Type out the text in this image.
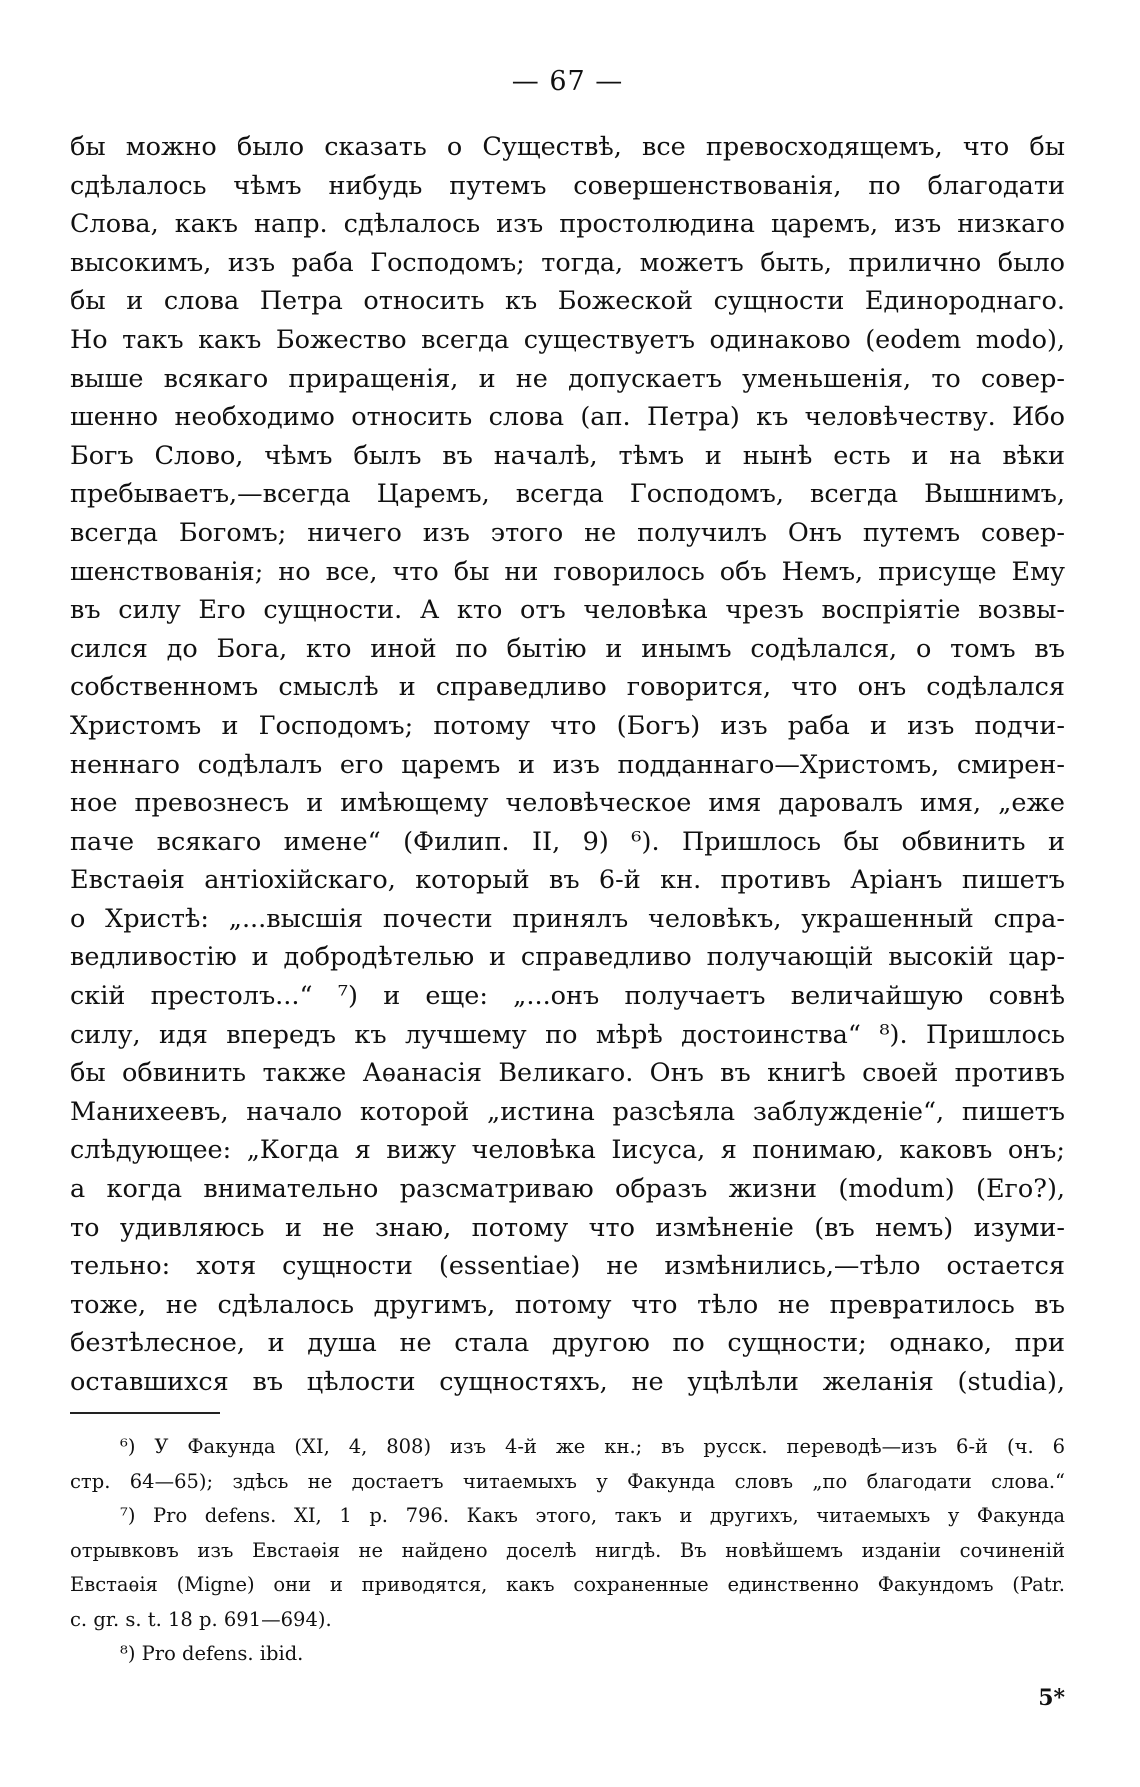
— 67 —
бы можно было сказать о Существѣ, все превосходящемъ, что бы
сдѣлалось чѣмъ нибудь путемъ совершенствованія, по благодати
Слова, какъ напр. сдѣлалось изъ простолюдина царемъ, изъ низкаго
высокимъ, изъ раба Господомъ; тогда, можетъ быть, прилично было
бы и слова Петра относить къ Божеской сущности Единороднаго.
Но такъ какъ Божество всегда существуетъ одинаково (eodem modo),
выше всякаго приращенія, и не допускаетъ уменьшенія, то совер-
шенно необходимо относить слова (ап. Петра) къ человѣчеству. Ибо
Богъ Слово, чѣмъ былъ въ началѣ, тѣмъ и нынѣ есть и на вѣки
пребываетъ,—всегда Царемъ, всегда Господомъ, всегда Вышнимъ,
всегда Богомъ; ничего изъ этого не получилъ Онъ путемъ совер-
шенствованія; но все, что бы ни говорилось объ Немъ, присуще Ему
въ силу Его сущности. А кто отъ человѣка чрезъ воспріятіе возвы-
сился до Бога, кто иной по бытію и инымъ содѣлался, о томъ въ
собственномъ смыслѣ и справедливо говорится, что онъ содѣлался
Христомъ и Господомъ; потому что (Богъ) изъ раба и изъ подчи-
неннаго содѣлалъ его царемъ и изъ подданнаго—Христомъ, смирен-
ное превознесъ и имѣющему человѣческое имя даровалъ имя, „еже
паче всякаго имене“ (Филип. II, 9) ⁶). Пришлось бы обвинить и
Евстаѳія антіохійскаго, который въ 6-й кн. противъ Аріанъ пишетъ
о Христѣ: „...высшія почести принялъ человѣкъ, украшенный спра-
ведливостію и добродѣтелью и справедливо получающій высокій цар-
скій престолъ...“ ⁷) и еще: „...онъ получаетъ величайшую совнѣ
силу, идя впередъ къ лучшему по мѣрѣ достоинства“ ⁸). Пришлось
бы обвинить также Аѳанасія Великаго. Онъ въ книгѣ своей противъ
Манихеевъ, начало которой „истина разсѣяла заблужденіе“, пишетъ
слѣдующее: „Когда я вижу человѣка Іисуса, я понимаю, каковъ онъ;
а когда внимательно разсматриваю образъ жизни (modum) (Его?),
то удивляюсь и не знаю, потому что измѣненіе (въ немъ) изуми-
тельно: хотя сущности (essentiae) не измѣнились,—тѣло остается
тоже, не сдѣлалось другимъ, потому что тѣло не превратилось въ
безтѣлесное, и душа не стала другою по сущности; однако, при
оставшихся въ цѣлости сущностяхъ, не уцѣлѣли желанія (studia),
⁶) У Факунда (XI, 4, 808) изъ 4-й же кн.; въ русск. переводѣ—изъ 6-й (ч. 6
стр. 64—65); здѣсь не достаетъ читаемыхъ у Факунда словъ „по благодати слова.“
⁷) Pro defens. XI, 1 p. 796. Какъ этого, такъ и другихъ, читаемыхъ у Факунда
отрывковъ изъ Евстаѳія не найдено доселѣ нигдѣ. Въ новѣйшемъ изданіи сочиненій
Евстаѳія (Migne) они и приводятся, какъ сохраненные единственно Факундомъ (Patr.
c. gr. s. t. 18 p. 691—694).
⁸) Pro defens. ibid.
5*
